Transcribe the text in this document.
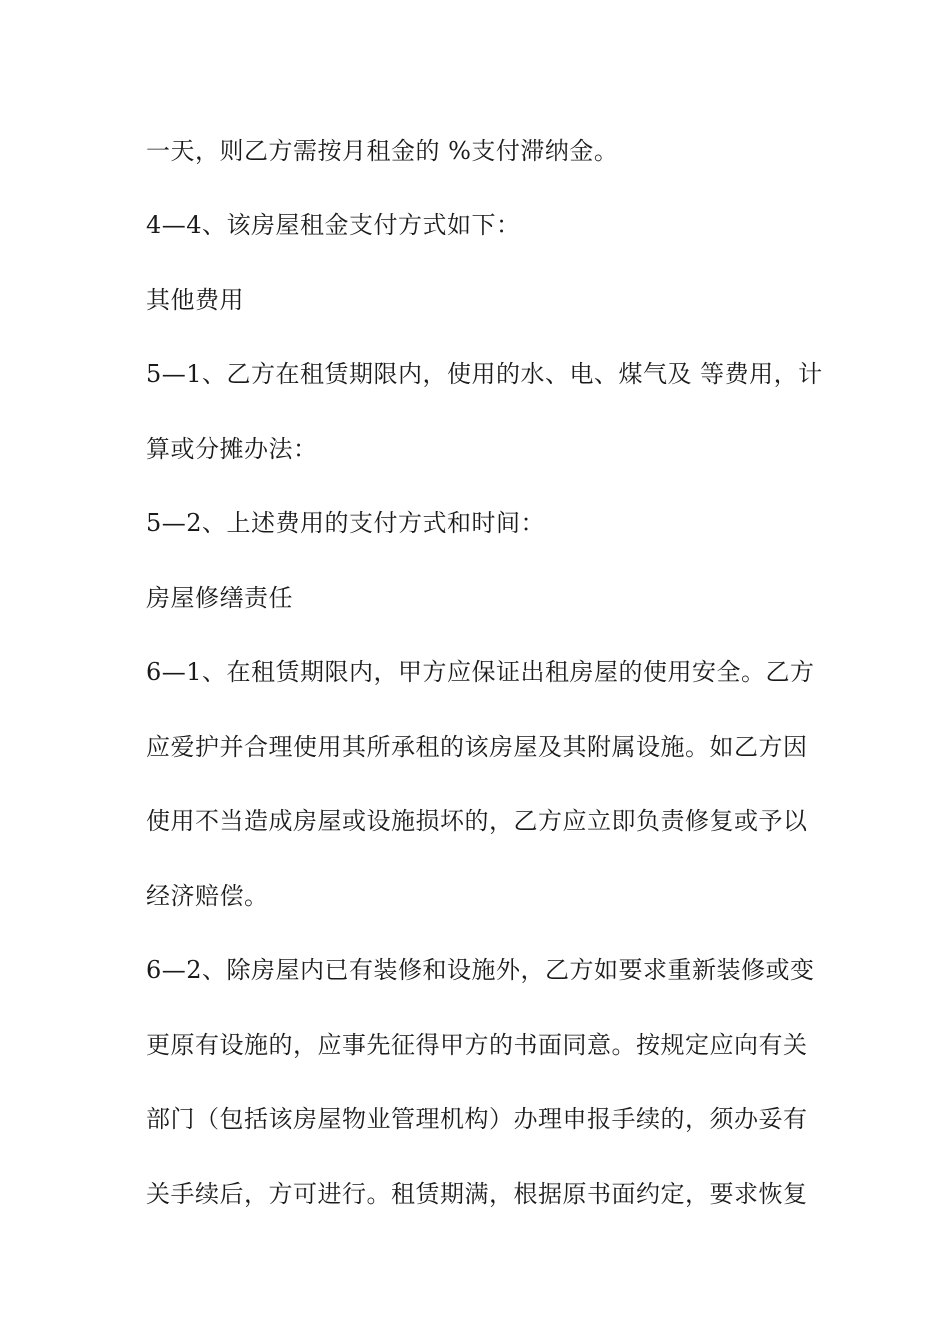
一天，则乙方需按月租金的 %支付滞纳金。
4—4、该房屋租金支付方式如下：
其他费用
5—1、乙方在租赁期限内，使用的水、电、煤气及 等费用，计
算或分摊办法：
5—2、上述费用的支付方式和时间：
房屋修缮责任
6—1、在租赁期限内，甲方应保证出租房屋的使用安全。乙方
应爱护并合理使用其所承租的该房屋及其附属设施。如乙方因
使用不当造成房屋或设施损坏的，乙方应立即负责修复或予以
经济赔偿。
6—2、除房屋内已有装修和设施外，乙方如要求重新装修或变
更原有设施的，应事先征得甲方的书面同意。按规定应向有关
部门（包括该房屋物业管理机构）办理申报手续的，须办妥有
关手续后，方可进行。租赁期满，根据原书面约定，要求恢复
